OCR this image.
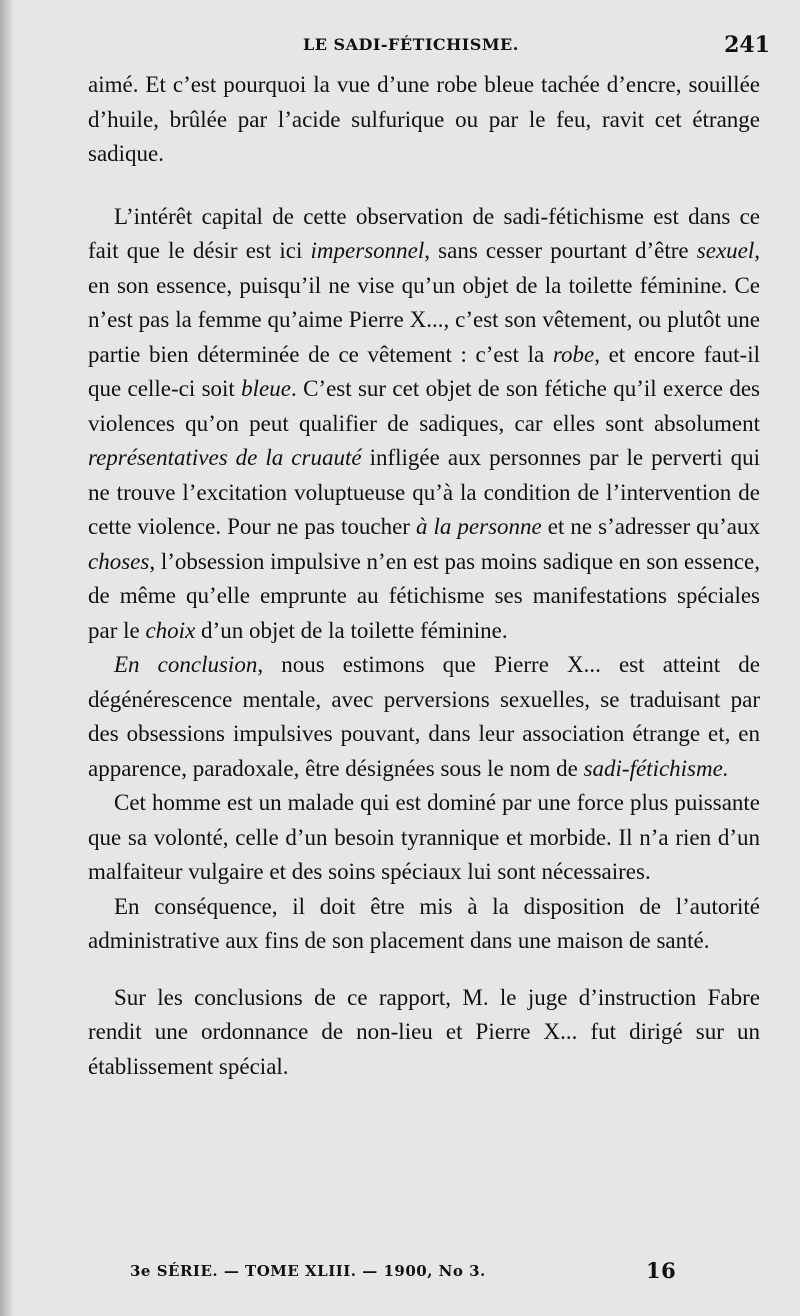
LE SADI-FÉTICHISME.	241

aimé. Et c’est pourquoi la vue d’une robe bleue tachée d’encre, souillée d’huile, brûlée par l’acide sulfurique ou par le feu, ravit cet étrange sadique.

L’intérêt capital de cette observation de sadi-fétichisme est dans ce fait que le désir est ici impersonnel, sans cesser pourtant d’être sexuel, en son essence, puisqu’il ne vise qu’un objet de la toilette féminine. Ce n’est pas la femme qu’aime Pierre X..., c’est son vêtement, ou plutôt une partie bien déterminée de ce vêtement : c’est la robe, et encore faut-il que celle-ci soit bleue. C’est sur cet objet de son fétiche qu’il exerce des violences qu’on peut qualifier de sadiques, car elles sont absolument représentatives de la cruauté infligée aux personnes par le perverti qui ne trouve l’excitation voluptueuse qu’à la condition de l’intervention de cette violence. Pour ne pas toucher à la personne et ne s’adresser qu’aux choses, l’obsession impulsive n’en est pas moins sadique en son essence, de même qu’elle emprunte au fétichisme ses manifestations spéciales par le choix d’un objet de la toilette féminine.

En conclusion, nous estimons que Pierre X... est atteint de dégénérescence mentale, avec perversions sexuelles, se traduisant par des obsessions impulsives pouvant, dans leur association étrange et, en apparence, paradoxale, être désignées sous le nom de sadi-fétichisme.

Cet homme est un malade qui est dominé par une force plus puissante que sa volonté, celle d’un besoin tyrannique et morbide. Il n’a rien d’un malfaiteur vulgaire et des soins spéciaux lui sont nécessaires.

En conséquence, il doit être mis à la disposition de l’autorité administrative aux fins de son placement dans une maison de santé.

Sur les conclusions de ce rapport, M. le juge d’instruction Fabre rendit une ordonnance de non-lieu et Pierre X... fut dirigé sur un établissement spécial.

3e SÉRIE. — TOME XLIII. — 1900, No 3.	16
